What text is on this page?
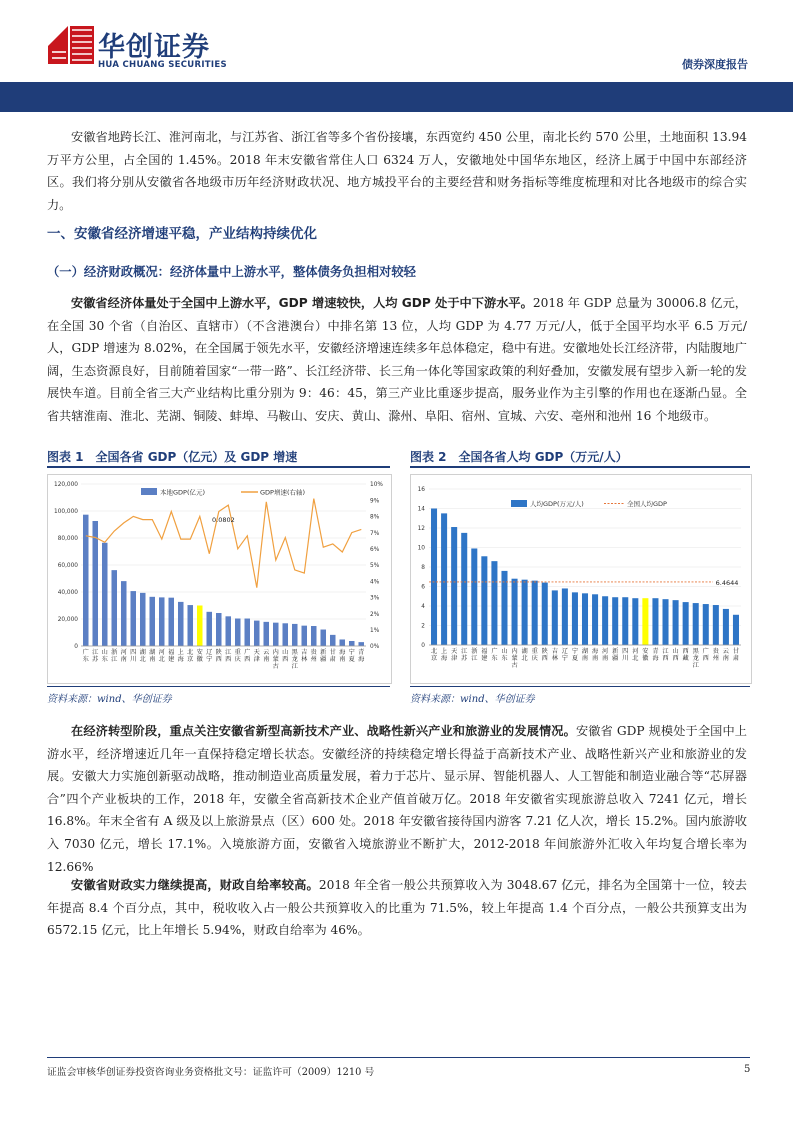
华创证券
HUA CHUANG SECURITIES	债券深度报告

安徽省地跨长江、淮河南北，与江苏省、浙江省等多个省份接壤，东西宽约 450 公里，南北长约 570 公里，土地面积 13.94 万平方公里，占全国的 1.45%。2018 年末安徽省常住人口 6324 万人，安徽地处中国华东地区，经济上属于中国中东部经济区。我们将分别从安徽省各地级市历年经济财政状况、地方城投平台的主要经营和财务指标等维度梳理和对比各地级市的综合实力。

一、安徽省经济增速平稳，产业结构持续优化
（一）经济财政概况：经济体量中上游水平，整体债务负担相对较轻

安徽省经济体量处于全国中上游水平，GDP 增速较快，人均 GDP 处于中下游水平。2018 年 GDP 总量为 30006.8 亿元，在全国 30 个省（自治区、直辖市）（不含港澳台）中排名第 13 位，人均 GDP 为 4.77 万元/人，低于全国平均水平 6.5 万元/人，GDP 增速为 8.02%，在全国属于领先水平，安徽经济增速连续多年总体稳定，稳中有进。安徽地处长江经济带，内陆腹地广阔，生态资源良好，目前随着国家“一带一路”、长江经济带、长三角一体化等国家政策的利好叠加，安徽发展有望步入新一轮的发展快车道。目前全省三大产业结构比重分别为 9：46：45，第三产业比重逐步提高，服务业作为主引擎的作用也在逐渐凸显。全省共辖淮南、淮北、芜湖、铜陵、蚌埠、马鞍山、安庆、黄山、滁州、阜阳、宿州、宣城、六安、亳州和池州 16 个地级市。

图表 1　全国各省 GDP（亿元）及 GDP 增速
0
20,000
40,000
60,000
80,000
100,000
120,000
0%
1%
2%
3%
4%
5%
6%
7%
8%
9%
10%
广东
江苏
山东
浙江
河南
四川
湖北
湖南
河北
福建
上海
北京
安徽
辽宁
陕西
江西
重庆
广西
天津
云南
内蒙古
山西
黑龙江
吉林
贵州
新疆
甘肃
海南
宁夏
青海
本地GDP(亿元)	GDP增速(右轴)
0.0802
资料来源：wind、华创证券
图表 2　全国各省人均 GDP（万元/人）
0
2
4
6
8
10
12
14
16
北京
上海
天津
江苏
浙江
福建
广东
山东
内蒙古
湖北
重庆
陕西
吉林
辽宁
宁夏
湖南
海南
河南
新疆
四川
河北
安徽
青海
江西
山西
西藏
黑龙江
广西
贵州
云南
甘肃
人均GDP(万元/人)	全国人均GDP
6.4644
资料来源：wind、华创证券

在经济转型阶段，重点关注安徽省新型高新技术产业、战略性新兴产业和旅游业的发展情况。安徽省 GDP 规模处于全国中上游水平，经济增速近几年一直保持稳定增长状态。安徽经济的持续稳定增长得益于高新技术产业、战略性新兴产业和旅游业的发展。安徽大力实施创新驱动战略，推动制造业高质量发展，着力于芯片、显示屏、智能机器人、人工智能和制造业融合等“芯屏器合”四个产业板块的工作，2018 年，安徽全省高新技术企业产值首破万亿。2018 年安徽省实现旅游总收入 7241 亿元，增长 16.8%。年末全省有 A 级及以上旅游景点（区）600 处。2018 年安徽省接待国内游客 7.21 亿人次，增长 15.2%。国内旅游收入 7030 亿元，增长 17.1%。入境旅游方面，安徽省入境旅游业不断扩大，2012-2018 年间旅游外汇收入年均复合增长率为 12.66%

安徽省财政实力继续提高，财政自给率较高。2018 年全省一般公共预算收入为 3048.67 亿元，排名为全国第十一位，较去年提高 8.4 个百分点，其中，税收收入占一般公共预算收入的比重为 71.5%，较上年提高 1.4 个百分点，一般公共预算支出为 6572.15 亿元，比上年增长 5.94%，财政自给率为 46%。

证监会审核华创证券投资咨询业务资格批文号：证监许可（2009）1210 号	5
